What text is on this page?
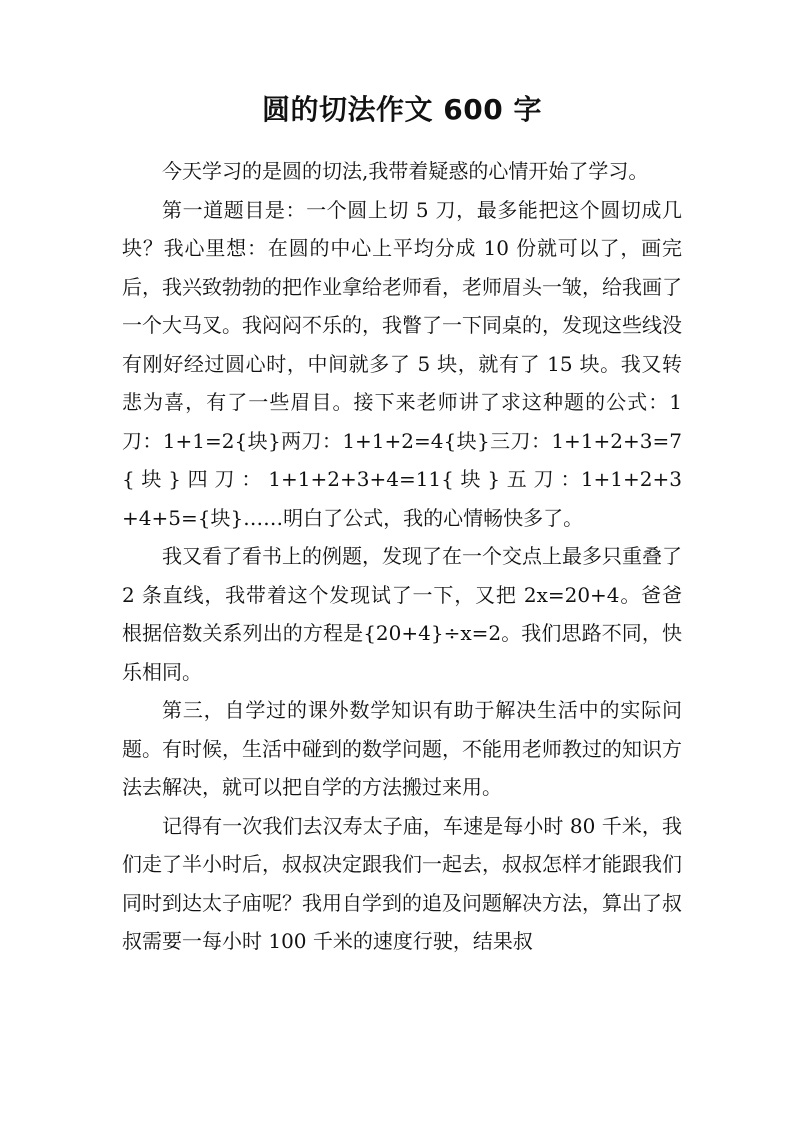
圆的切法作文 600 字

今天学习的是圆的切法,我带着疑惑的心情开始了学习。

第一道题目是：一个圆上切 5 刀，最多能把这个圆切成几块？我心里想：在圆的中心上平均分成 10 份就可以了，画完后，我兴致勃勃的把作业拿给老师看，老师眉头一皱，给我画了一个大马叉。我闷闷不乐的，我瞥了一下同桌的，发现这些线没有刚好经过圆心时，中间就多了 5 块，就有了 15 块。我又转悲为喜，有了一些眉目。接下来老师讲了求这种题的公式：1 刀：1+1=2{块}两刀：1+1+2=4{块}三刀：1+1+2+3=7{ 块 } 四 刀 ： 1+1+2+3+4=11{ 块 } 五 刀 ：1+1+2+3+4+5={块}……明白了公式，我的心情畅快多了。

我又看了看书上的例题，发现了在一个交点上最多只重叠了 2 条直线，我带着这个发现试了一下，又把 2x=20+4。爸爸根据倍数关系列出的方程是{20+4}÷x=2。我们思路不同，快乐相同。

第三，自学过的课外数学知识有助于解决生活中的实际问题。有时候，生活中碰到的数学问题，不能用老师教过的知识方法去解决，就可以把自学的方法搬过来用。

记得有一次我们去汉寿太子庙，车速是每小时 80 千米，我们走了半小时后，叔叔决定跟我们一起去，叔叔怎样才能跟我们同时到达太子庙呢？我用自学到的追及问题解决方法，算出了叔叔需要一每小时 100 千米的速度行驶，结果叔
